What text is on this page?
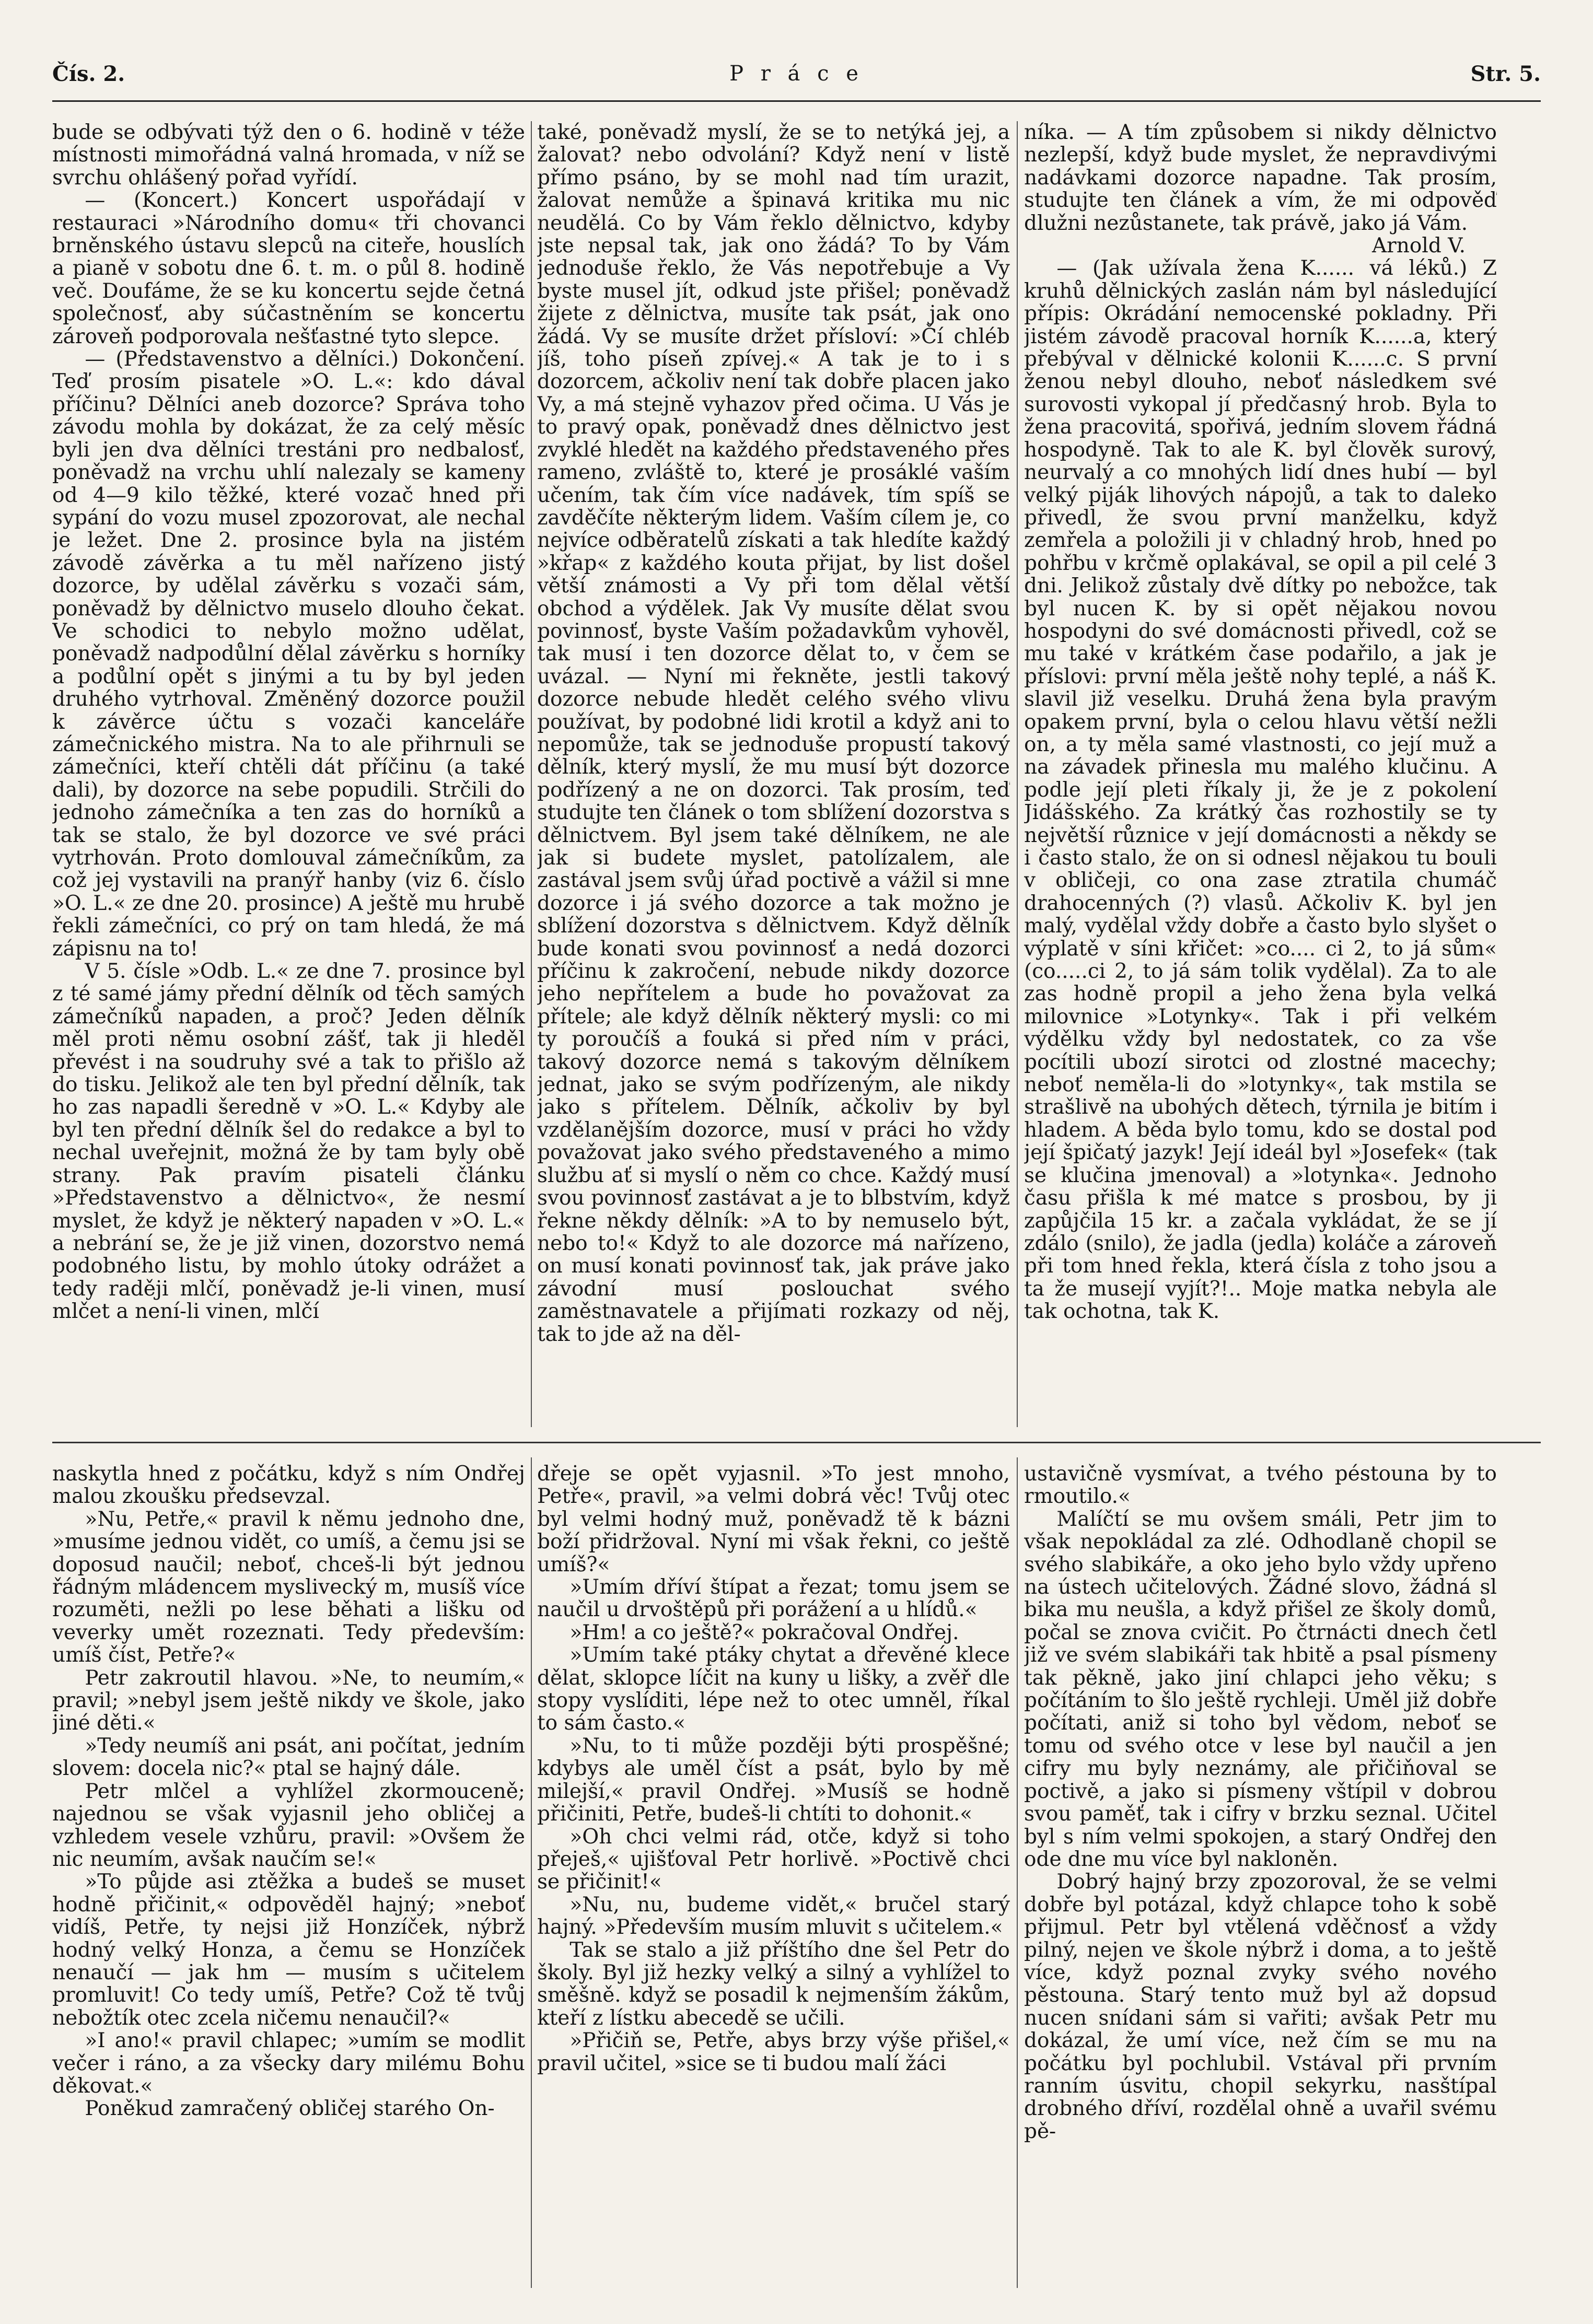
Čís. 2.	P r á c e	Str. 5.

bude se odbývati týž den o 6. hodině v téže místnosti mimořádná valná hromada, v níž se svrchu ohlášený pořad vyřídí.

— (Koncert.) Koncert uspořádají v restauraci »Národního domu« tři chovanci brněnského ústavu slepců na citeře, houslích a pianě v sobotu dne 6. t. m. o půl 8. hodině več. Doufáme, že se ku koncertu sejde četná společnosť, aby súčastněním se koncertu zároveň podporovala nešťastné tyto slepce.

— (Představenstvo a dělníci.) Dokončení. Teď prosím pisatele »O. L.«: kdo dával příčinu? Dělníci aneb dozorce? Správa toho závodu mohla by dokázat, že za celý měsíc byli jen dva dělníci trestáni pro nedbalosť, poněvadž na vrchu uhlí nalezaly se kameny od 4—9 kilo těžké, které vozač hned při sypání do vozu musel zpozorovat, ale nechal je ležet. Dne 2. prosince byla na jistém závodě závěrka a tu měl nařízeno jistý dozorce, by udělal závěrku s vozači sám, poněvadž by dělnictvo muselo dlouho čekat. Ve schodici to nebylo možno udělat, poněvadž nadpodůlní dělal závěrku s horníky a podůlní opět s jinými a tu by byl jeden druhého vytrhoval. Změněný dozorce použil k závěrce účtu s vozači kanceláře zámečnického mistra. Na to ale přihrnuli se zámečníci, kteří chtěli dát příčinu (a také dali), by dozorce na sebe popudili. Strčili do jednoho zámečníka a ten zas do horníků a tak se stalo, že byl dozorce ve své práci vytrhován. Proto domlouval zámečníkům, za což jej vystavili na pranýř hanby (viz 6. číslo »O. L.« ze dne 20. prosince) A ještě mu hrubě řekli zámečníci, co prý on tam hledá, že má zápisnu na to!

V 5. čísle »Odb. L.« ze dne 7. prosince byl z té samé jámy přední dělník od těch samých zámečníků napaden, a proč? Jeden dělník měl proti němu osobní zášť, tak ji hleděl převést i na soudruhy své a tak to přišlo až do tisku. Jelikož ale ten byl přední dělník, tak ho zas napadli šeredně v »O. L.« Kdyby ale byl ten přední dělník šel do redakce a byl to nechal uveřejnit, možná že by tam byly obě strany. Pak pravím pisateli článku »Představenstvo a dělnictvo«, že nesmí myslet, že když je některý napaden v »O. L.« a nebrání se, že je již vinen, dozorstvo nemá podobného listu, by mohlo útoky odrážet a tedy raději mlčí, poněvadž je-li vinen, musí mlčet a není-li vinen, mlčí

také, poněvadž myslí, že se to netýká jej, a žalovat? nebo odvolání? Když není v listě přímo psáno, by se mohl nad tím urazit, žalovat nemůže a špinavá kritika mu nic neudělá. Co by Vám řeklo dělnictvo, kdyby jste nepsal tak, jak ono žádá? To by Vám jednoduše řeklo, že Vás nepotřebuje a Vy byste musel jít, odkud jste přišel; poněvadž žijete z dělnictva, musíte tak psát, jak ono žádá. Vy se musíte držet přísloví: »Čí chléb jíš, toho píseň zpívej.« A tak je to i s dozorcem, ačkoliv není tak dobře placen jako Vy, a má stejně vyhazov před očima. U Vás je to pravý opak, poněvadž dnes dělnictvo jest zvyklé hledět na každého představeného přes rameno, zvláště to, které je prosáklé vaším učením, tak čím více nadávek, tím spíš se zavděčíte některým lidem. Vaším cílem je, co nejvíce odběratelů získati a tak hledíte každý »křap« z každého kouta přijat, by list došel větší známosti a Vy při tom dělal větší obchod a výdělek. Jak Vy musíte dělat svou povinnosť, byste Vaším požadavkům vyhověl, tak musí i ten dozorce dělat to, v čem se uvázal. — Nyní mi řekněte, jestli takový dozorce nebude hledět celého svého vlivu používat, by podobné lidi krotil a když ani to nepomůže, tak se jednoduše propustí takový dělník, který myslí, že mu musí být dozorce podřízený a ne on dozorci. Tak prosím, teď studujte ten článek o tom sblížení dozorstva s dělnictvem. Byl jsem také dělníkem, ne ale jak si budete myslet, patolízalem, ale zastával jsem svůj úřad poctivě a vážil si mne dozorce i já svého dozorce a tak možno je sblížení dozorstva s dělnictvem. Když dělník bude konati svou povinnosť a nedá dozorci příčinu k zakročení, nebude nikdy dozorce jeho nepřítelem a bude ho považovat za přítele; ale když dělník některý mysli: co mi ty poroučíš a fouká si před ním v práci, takový dozorce nemá s takovým dělníkem jednat, jako se svým podřízeným, ale nikdy jako s přítelem. Dělník, ačkoliv by byl vzdělanějším dozorce, musí v práci ho vždy považovat jako svého představeného a mimo službu ať si myslí o něm co chce. Každý musí svou povinnosť zastávat a je to blbstvím, když řekne někdy dělník: »A to by nemuselo být, nebo to!« Když to ale dozorce má nařízeno, on musí konati povinnosť tak, jak práve jako závodní musí poslouchat svého zaměstnavatele a přijímati rozkazy od něj, tak to jde až na děl-

níka. — A tím způsobem si nikdy dělnictvo nezlepší, když bude myslet, že nepravdivými nadávkami dozorce napadne. Tak prosím, studujte ten článek a vím, že mi odpověď dlužni nezůstanete, tak právě, jako já Vám.

Arnold V.

— (Jak užívala žena K...... vá léků.) Z kruhů dělnických zaslán nám byl následující přípis: Okrádání nemocenské pokladny. Při jistém závodě pracoval horník K......a, který přebýval v dělnické kolonii K......c. S první ženou nebyl dlouho, neboť následkem své surovosti vykopal jí předčasný hrob. Byla to žena pracovitá, spořivá, jedním slovem řádná hospodyně. Tak to ale K. byl člověk surový, neurvalý a co mnohých lidí dnes hubí — byl velký piják lihových nápojů, a tak to daleko přivedl, že svou první manželku, když zemřela a položili ji v chladný hrob, hned po pohřbu v krčmě oplakával, se opil a pil celé 3 dni. Jelikož zůstaly dvě dítky po nebožce, tak byl nucen K. by si opět nějakou novou hospodyni do své domácnosti přivedl, což se mu také v krátkém čase podařilo, a jak je příslovi: první měla ještě nohy teplé, a náš K. slavil již veselku. Druhá žena byla pravým opakem první, byla o celou hlavu větší nežli on, a ty měla samé vlastnosti, co její muž a na závadek přinesla mu malého klučinu. A podle její pleti říkaly ji, že je z pokolení Jidášského. Za krátký čas rozhostily se ty největší různice v její domácnosti a někdy se i často stalo, že on si odnesl nějakou tu bouli v obličeji, co ona zase ztratila chumáč drahocenných (?) vlasů. Ačkoliv K. byl jen malý, vydělal vždy dobře a často bylo slyšet o výplatě v síni křičet: »co.... ci 2, to já sům« (co.....ci 2, to já sám tolik vydělal). Za to ale zas hodně propil a jeho žena byla velká milovnice »Lotynky«. Tak i při velkém výdělku vždy byl nedostatek, co za vše pocítili ubozí sirotci od zlostné macechy; neboť neměla-li do »lotynky«, tak mstila se strašlivě na ubohých dětech, týrnila je bitím i hladem. A běda bylo tomu, kdo se dostal pod její špičatý jazyk! Její ideál byl »Josefek« (tak se klučina jmenoval) a »lotynka«. Jednoho času přišla k mé matce s prosbou, by ji zapůjčila 15 kr. a začala vykládat, že se jí zdálo (snilo), že jadla (jedla) koláče a zároveň při tom hned řekla, která čísla z toho jsou a ta že musejí vyjít?!.. Moje matka nebyla ale tak ochotna, tak K.

naskytla hned z počátku, když s ním Ondřej malou zkoušku předsevzal.

»Nu, Petře,« pravil k němu jednoho dne, »musíme jednou vidět, co umíš, a čemu jsi se doposud naučil; neboť, chceš-li být jednou řádným mládencem myslivecký m, musíš více rozuměti, nežli po lese běhati a lišku od veverky umět rozeznati. Tedy především: umíš číst, Petře?«

Petr zakroutil hlavou. »Ne, to neumím,« pravil; »nebyl jsem ještě nikdy ve škole, jako jiné děti.«

»Tedy neumíš ani psát, ani počítat, jedním slovem: docela nic?« ptal se hajný dále.

Petr mlčel a vyhlížel zkormouceně; najednou se však vyjasnil jeho obličej a vzhledem vesele vzhůru, pravil: »Ovšem že nic neumím, avšak naučím se!«

»To půjde asi ztěžka a budeš se muset hodně přičinit,« odpověděl hajný; »neboť vidíš, Petře, ty nejsi již Honzíček, nýbrž hodný velký Honza, a čemu se Honzíček nenaučí — jak hm — musím s učitelem promluvit! Co tedy umíš, Petře? Což tě tvůj nebožtík otec zcela ničemu nenaučil?«

»I ano!« pravil chlapec; »umím se modlit večer i ráno, a za všecky dary milému Bohu děkovat.«

Poněkud zamračený obličej starého On-

dřeje se opět vyjasnil. »To jest mnoho, Petře«, pravil, »a velmi dobrá věc! Tvůj otec byl velmi hodný muž, poněvadž tě k bázni boží přidržoval. Nyní mi však řekni, co ještě umíš?«

»Umím dříví štípat a řezat; tomu jsem se naučil u drvoštěpů při porážení a u hlídů.«

»Hm! a co ještě?« pokračoval Ondřej.

»Umím také ptáky chytat a dřevěné klece dělat, sklopce líčit na kuny u lišky, a zvěř dle stopy vyslíditi, lépe než to otec umněl, říkal to sám často.«

»Nu, to ti může později býti prospěšné; kdybys ale uměl číst a psát, bylo by mě milejší,« pravil Ondřej. »Musíš se hodně přičiniti, Petře, budeš-li chtíti to dohonit.«

»Oh chci velmi rád, otče, když si toho přeješ,« ujišťoval Petr horlivě. »Poctivě chci se přičinit!«

»Nu, nu, budeme vidět,« bručel starý hajný. »Především musím mluvit s učitelem.«

Tak se stalo a již příštího dne šel Petr do školy. Byl již hezky velký a silný a vyhlížel to směšně. když se posadil k nejmenším žákům, kteří z lístku abecedě se učili.

»Přičiň se, Petře, abys brzy výše přišel,« pravil učitel, »sice se ti budou malí žáci

ustavičně vysmívat, a tvého péstouna by to rmoutilo.«

Malíčtí se mu ovšem smáli, Petr jim to však nepokládal za zlé. Odhodlaně chopil se svého slabikáře, a oko jeho bylo vždy upřeno na ústech učitelových. Žádné slovo, žádná sl bika mu neušla, a když přišel ze školy domů, počal se znova cvičit. Po čtrnácti dnech četl již ve svém slabikáři tak hbitě a psal písmeny tak pěkně, jako jiní chlapci jeho věku; s počítáním to šlo ještě rychleji. Uměl již dobře počítati, aniž si toho byl vědom, neboť se tomu od svého otce v lese byl naučil a jen cifry mu byly neznámy, ale přičiňoval se poctivě, a jako si písmeny vštípil v dobrou svou paměť, tak i cifry v brzku seznal. Učitel byl s ním velmi spokojen, a starý Ondřej den ode dne mu více byl nakloněn.

Dobrý hajný brzy zpozoroval, že se velmi dobře byl potázal, když chlapce toho k sobě přijmul. Petr byl vtělená vděčnosť a vždy pilný, nejen ve škole nýbrž i doma, a to ještě více, když poznal zvyky svého nového pěstouna. Starý tento muž byl až dopsud nucen snídani sám si vařiti; avšak Petr mu dokázal, že umí více, než čím se mu na počátku byl pochlubil. Vstával při prvním ranním úsvitu, chopil sekyrku, nasštípal drobného dříví, rozdělal ohně a uvařil svému pě-
